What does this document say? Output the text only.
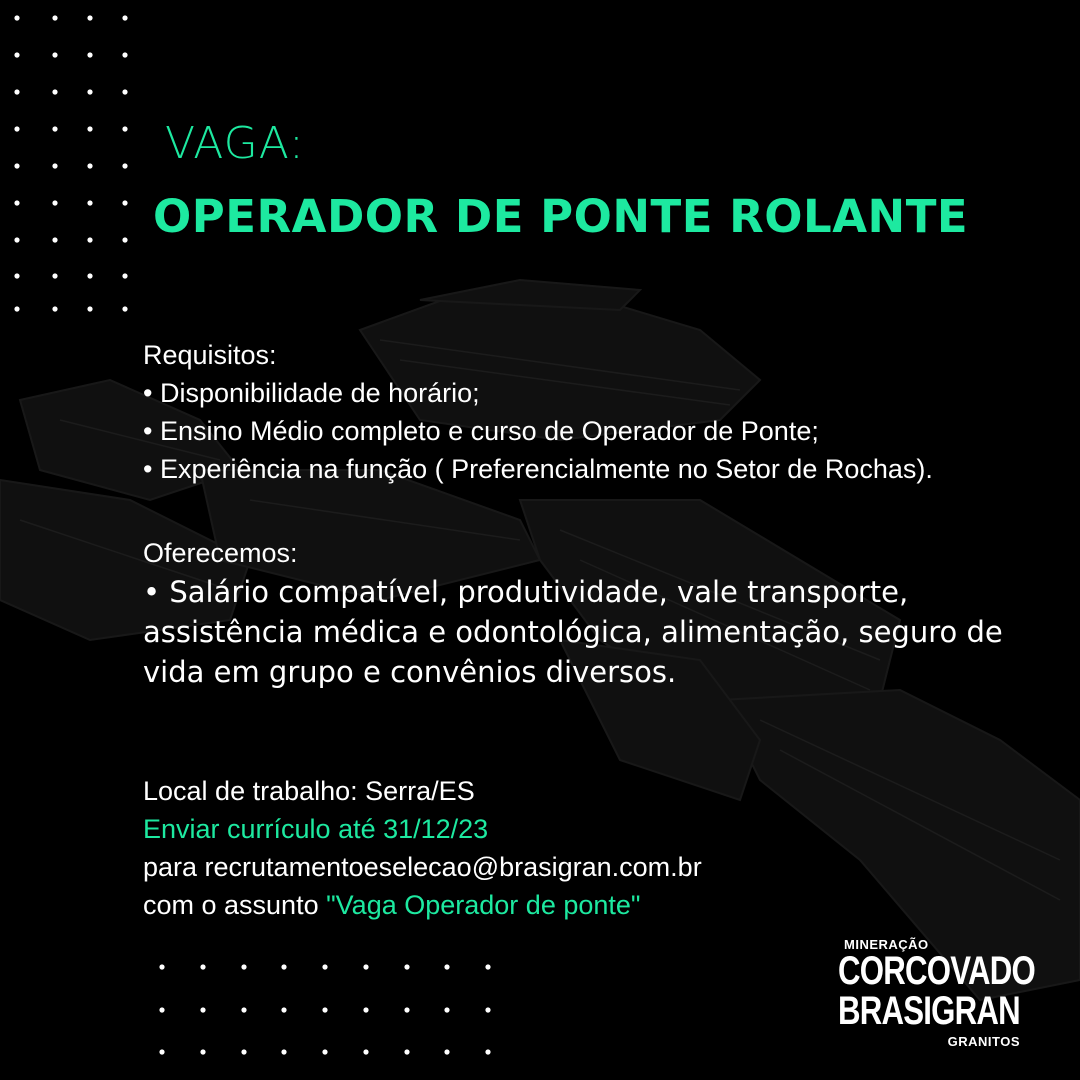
VAGA:
OPERADOR DE PONTE ROLANTE
Requisitos:
• Disponibilidade de horário;
• Ensino Médio completo e curso de Operador de Ponte;
• Experiência na função ( Preferencialmente no Setor de Rochas).
Oferecemos:
• Salário compatível, produtividade, vale transporte, assistência médica e odontológica, alimentação, seguro de vida em grupo e convênios diversos.
Local de trabalho: Serra/ES
Enviar currículo até 31/12/23
para recrutamentoeselecao@brasigran.com.br
com o assunto "Vaga Operador de ponte"
MINERAÇÃO
CORCOVADO
BRASIGRAN
GRANITOS
